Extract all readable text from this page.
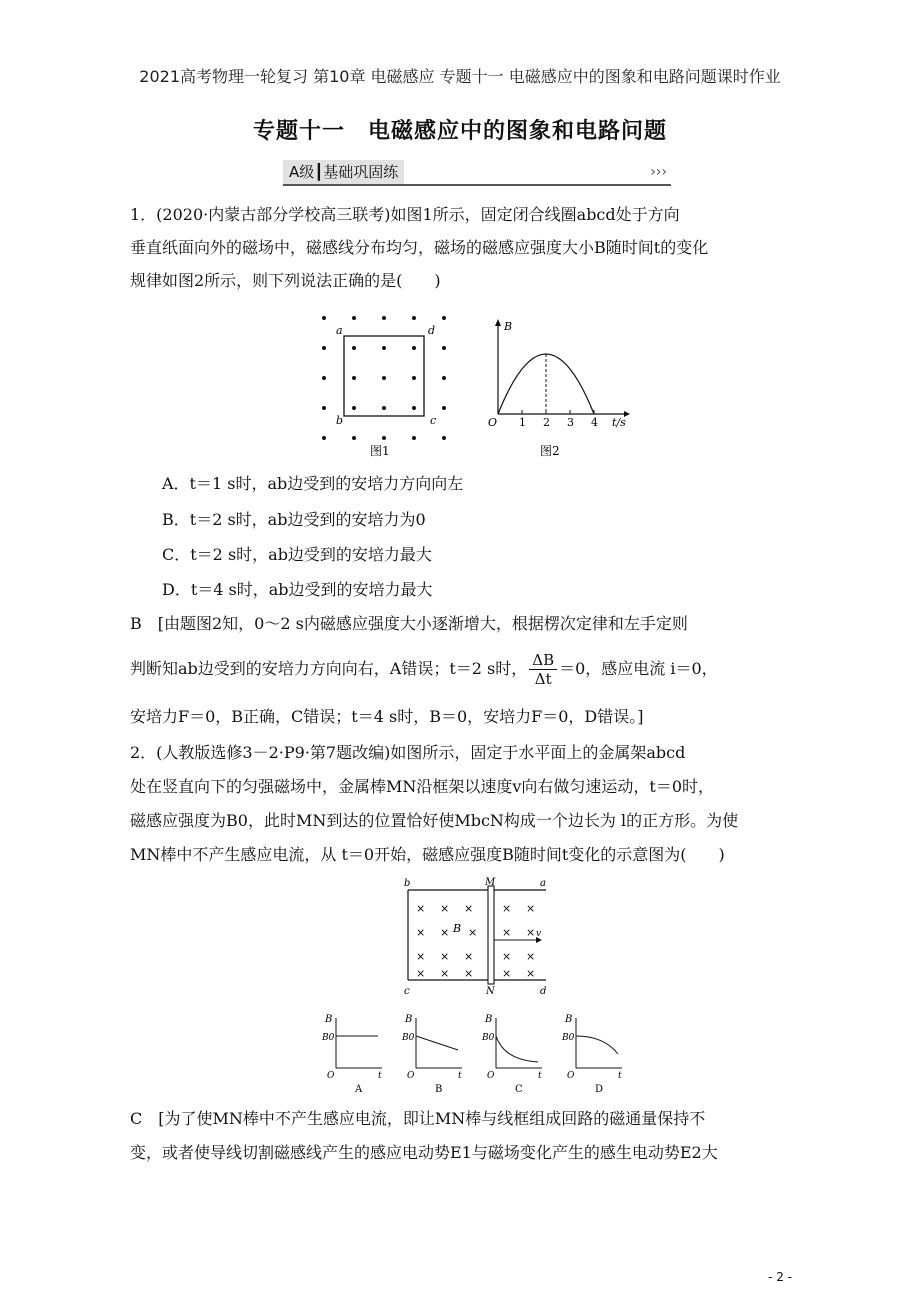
2021高考物理一轮复习 第10章 电磁感应 专题十一 电磁感应中的图象和电路问题课时作业
专题十一　电磁感应中的图象和电路问题
A级┃基础巩固练	›››
1．(2020·内蒙古部分学校高三联考)如图1所示，固定闭合线圈abcd处于方向
垂直纸面向外的磁场中，磁感线分布均匀，磁场的磁感应强度大小B随时间t的变化
规律如图2所示，则下列说法正确的是(　　)
a	d
b	c
图1
B
O 1 2 3 4 t/s
图2
A．t＝1 s时，ab边受到的安培力方向向左
B．t＝2 s时，ab边受到的安培力为0
C．t＝2 s时，ab边受到的安培力最大
D．t＝4 s时，ab边受到的安培力最大
B　[由题图2知，0～2 s内磁感应强度大小逐渐增大，根据楞次定律和左手定则
判断知ab边受到的安培力方向向右，A错误；t＝2 s时， $\frac{\Delta B}{\Delta t} =0$，感应电流 i＝0，
安培力F＝0，B正确，C错误；t＝4 s时，B＝0，安培力F＝0，D错误。]
2．(人教版选修3－2·P9·第7题改编)如图所示，固定于水平面上的金属架abcd
处在竖直向下的匀强磁场中，金属棒MN沿框架以速度v向右做匀速运动，t＝0时，
磁感应强度为B0，此时MN到达的位置恰好使MbcN构成一个边长为 l的正方形。为使
MN棒中不产生感应电流，从 t＝0开始，磁感应强度B随时间t变化的示意图为(　　)
× × ×	× ×
× × × × ×
× × ×	× ×
× × ×	× ×
v
B
b	M	a
c	N	d
B
B0
O	t
A
B
B0
O	t
B
B
B0
O	t
C
B
B0
O	t
D
C　[为了使MN棒中不产生感应电流，即让MN棒与线框组成回路的磁通量保持不
变，或者使导线切割磁感线产生的感应电动势E1与磁场变化产生的感生电动势E2大
- 2 -
